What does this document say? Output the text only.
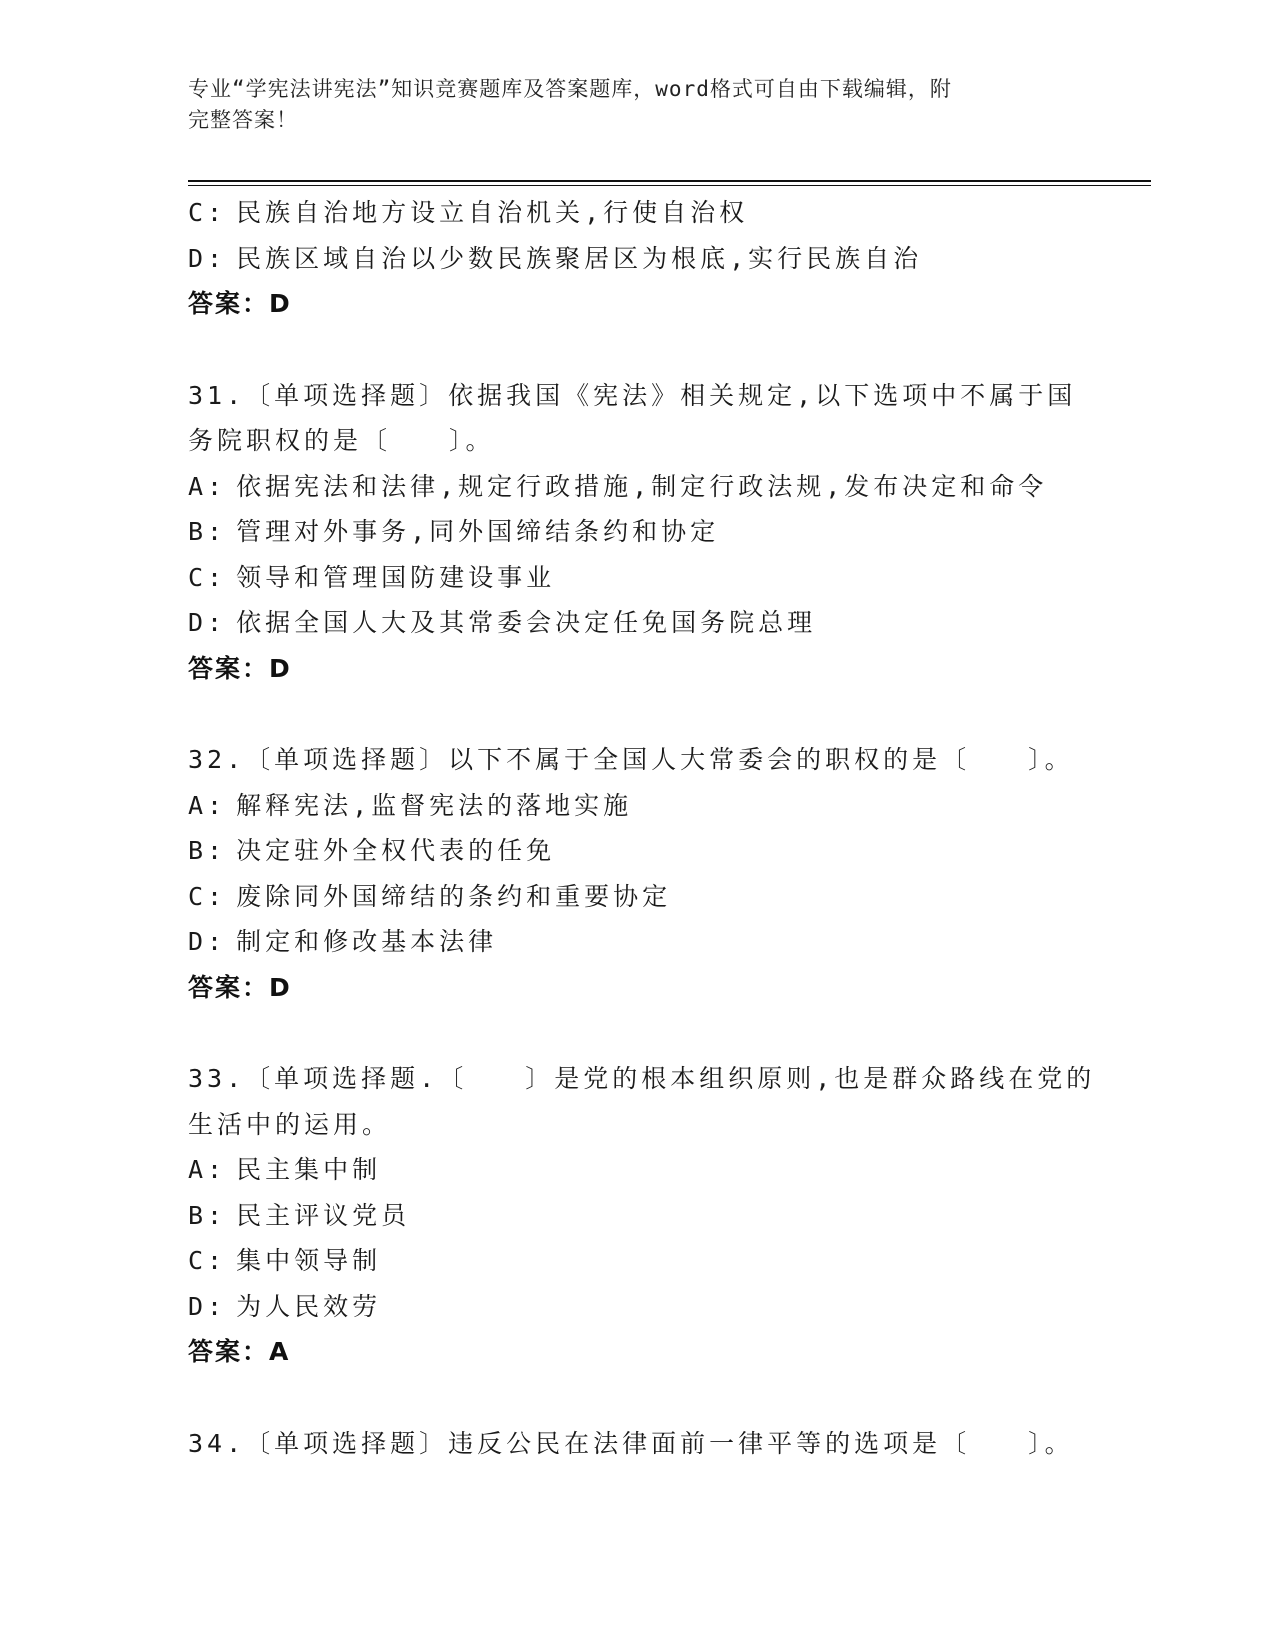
专业“学宪法讲宪法”知识竞赛题库及答案题库，word格式可自由下载编辑，附
完整答案！
C: 民族自治地方设立自治机关,行使自治权
D: 民族区域自治以少数民族聚居区为根底,实行民族自治
答案：D
31.〔单项选择题〕依据我国《宪法》相关规定,以下选项中不属于国
务院职权的是〔　　〕。
A: 依据宪法和法律,规定行政措施,制定行政法规,发布决定和命令
B: 管理对外事务,同外国缔结条约和协定
C: 领导和管理国防建设事业
D: 依据全国人大及其常委会决定任免国务院总理
答案：D
32.〔单项选择题〕以下不属于全国人大常委会的职权的是〔　　〕。
A: 解释宪法,监督宪法的落地实施
B: 决定驻外全权代表的任免
C: 废除同外国缔结的条约和重要协定
D: 制定和修改基本法律
答案：D
33.〔单项选择题.〔　　〕是党的根本组织原则,也是群众路线在党的
生活中的运用。
A: 民主集中制
B: 民主评议党员
C: 集中领导制
D: 为人民效劳
答案：A
34.〔单项选择题〕违反公民在法律面前一律平等的选项是〔　　〕。
